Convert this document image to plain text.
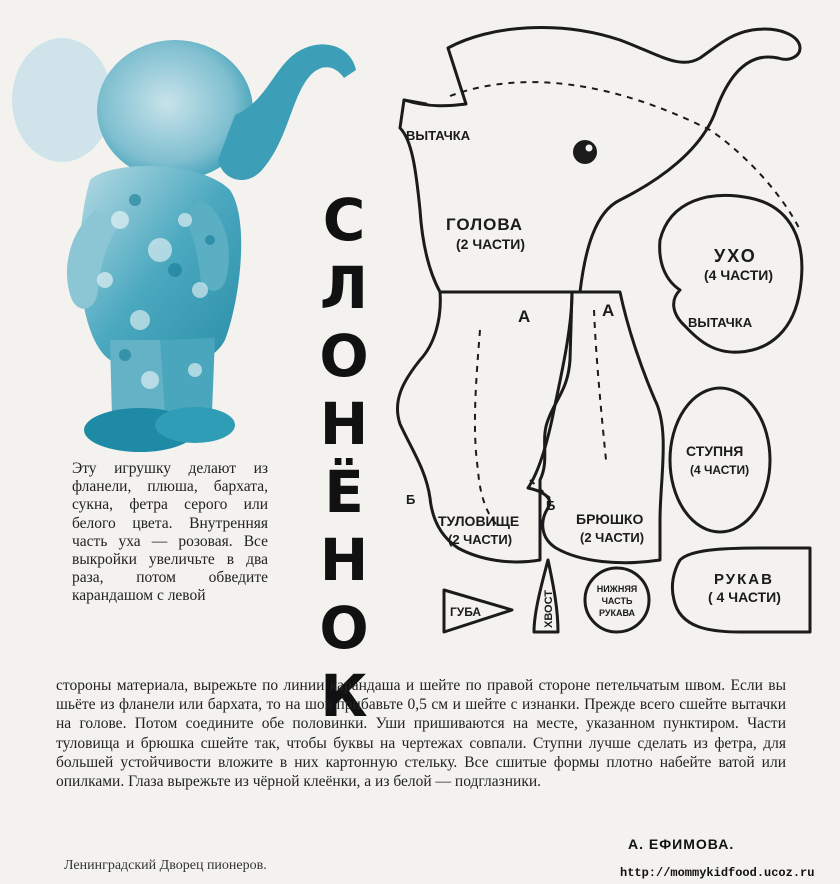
С
Л
О
Н
Ё
Н
О
К
ВЫТАЧКА
ГОЛОВА
(2 ЧАСТИ)
УХО
(4 ЧАСТИ)
ВЫТАЧКА
А	А
СТУПНЯ
(4 ЧАСТИ)
Б	Б
ТУЛОВИЩЕ
(2 ЧАСТИ)
БРЮШКО
(2 ЧАСТИ)
РУКАВ
( 4 ЧАСТИ)
ГУБА	ХВОСТ
НИЖНЯЯ
ЧАСТЬ
РУКАВА
Эту игрушку делают из фланели, плюша, бархата, сукна, фетра серого или белого цвета. Внутренняя часть уха — розовая. Все выкройки увеличьте в два раза, потом обведите карандашом с левой
стороны материала, вырежьте по линии карандаша и шейте по правой стороне петельчатым швом. Если вы шьёте из фланели или бархата, то на шов прибавьте 0,5 см и шейте с изнанки. Прежде всего сшейте вытачки на голове. Потом соедините обе половинки. Уши пришиваются на месте, указанном пунктиром. Части туловища и брюшка сшейте так, чтобы буквы на чертежах совпали. Ступни лучше сделать из фетра, для большей устойчивости вложите в них картонную стельку. Все сшитые формы плотно набейте ватой или опилками. Глаза вырежьте из чёрной клеёнки, а из белой — подглазники.
А. ЕФИМОВА.
Ленинградский Дворец пионеров.	http://mommykidfood.ucoz.ru
